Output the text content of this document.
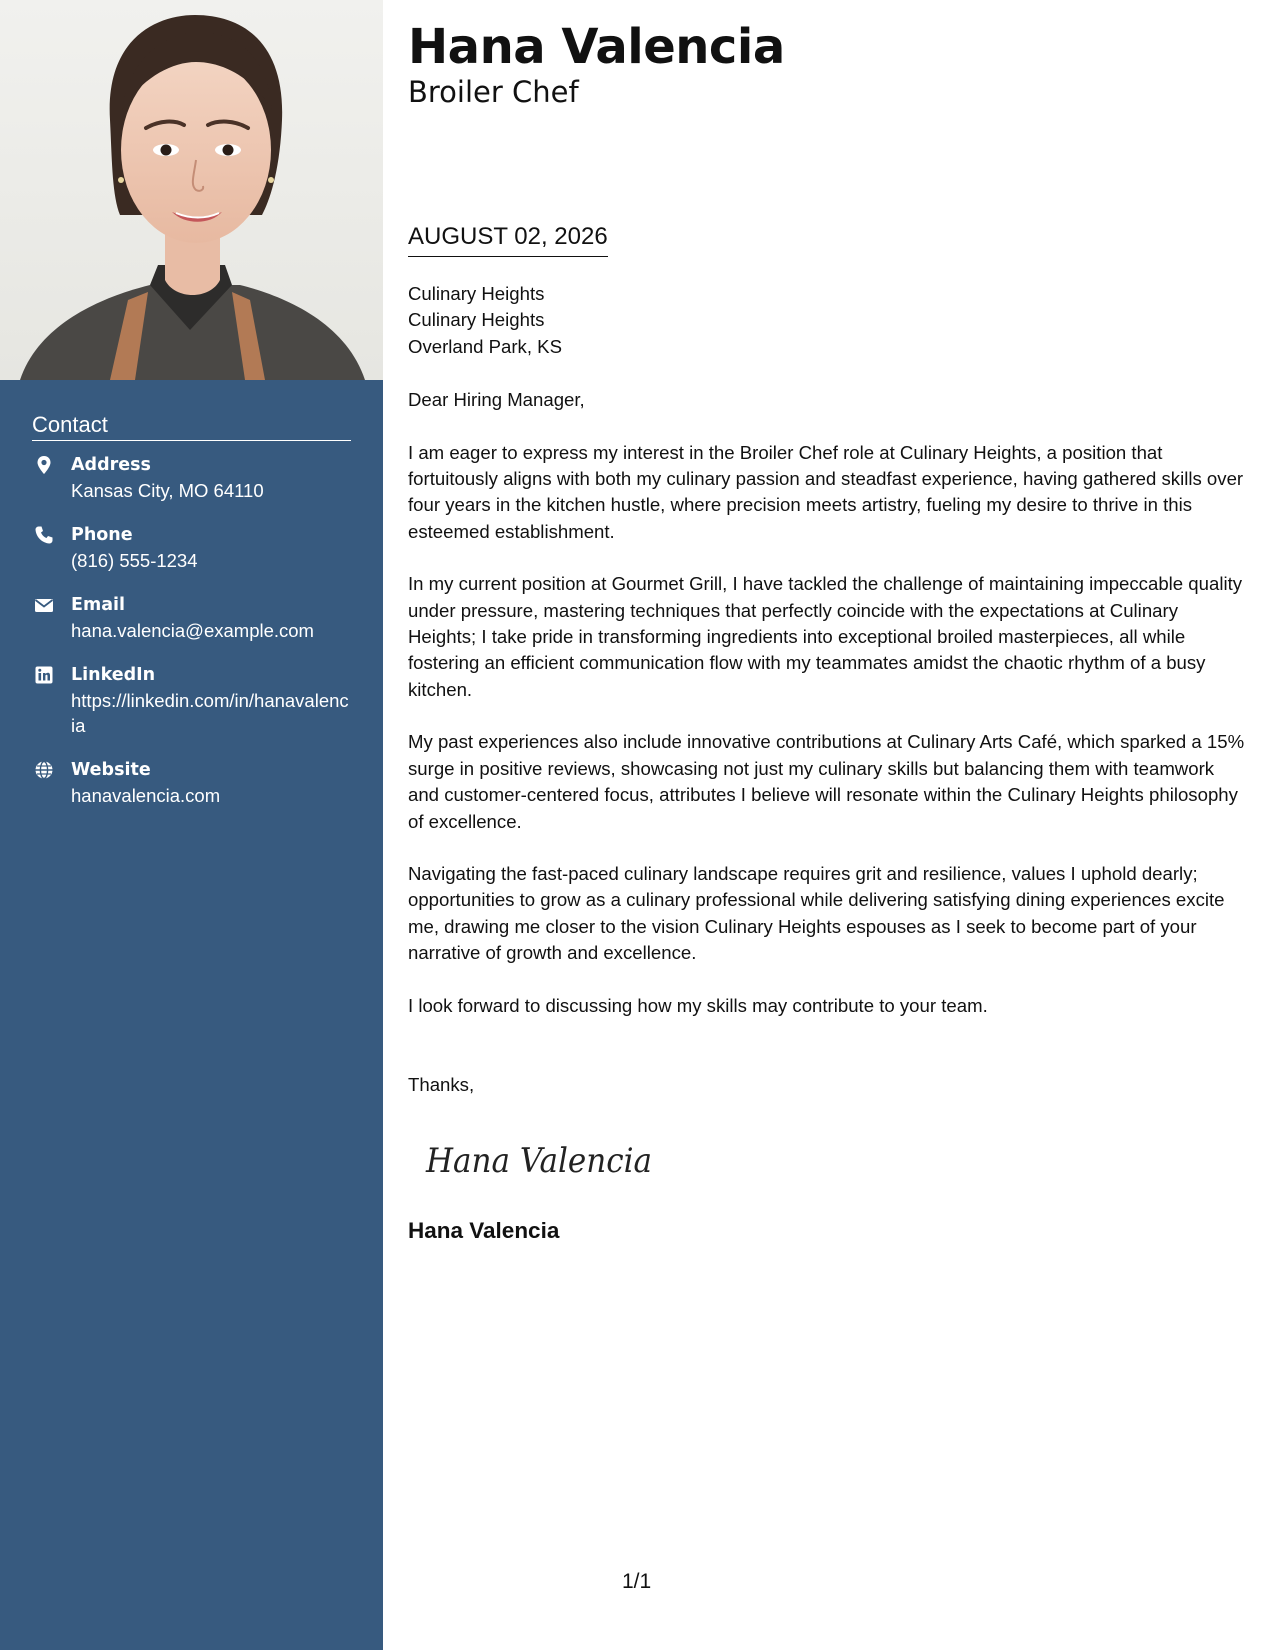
Contact
Address
Kansas City, MO 64110
Phone
(816) 555-1234
Email
hana.valencia@example.com
LinkedIn
https://linkedin.com/in/hanavalencia
Website
hanavalencia.com
Hana Valencia
Broiler Chef
AUGUST 02, 2026
Culinary Heights
Culinary Heights
Overland Park, KS
Dear Hiring Manager,

I am eager to express my interest in the Broiler Chef role at Culinary Heights, a position that fortuitously aligns with both my culinary passion and steadfast experience, having gathered skills over four years in the kitchen hustle, where precision meets artistry, fueling my desire to thrive in this esteemed establishment.

In my current position at Gourmet Grill, I have tackled the challenge of maintaining impeccable quality under pressure, mastering techniques that perfectly coincide with the expectations at Culinary Heights; I take pride in transforming ingredients into exceptional broiled masterpieces, all while fostering an efficient communication flow with my teammates amidst the chaotic rhythm of a busy kitchen.

My past experiences also include innovative contributions at Culinary Arts Café, which sparked a 15% surge in positive reviews, showcasing not just my culinary skills but balancing them with teamwork and customer-centered focus, attributes I believe will resonate within the Culinary Heights philosophy of excellence.

Navigating the fast-paced culinary landscape requires grit and resilience, values I uphold dearly; opportunities to grow as a culinary professional while delivering satisfying dining experiences excite me, drawing me closer to the vision Culinary Heights espouses as I seek to become part of your narrative of growth and excellence.

I look forward to discussing how my skills may contribute to your team.

Thanks,
Hana Valencia
Hana Valencia
1/1
